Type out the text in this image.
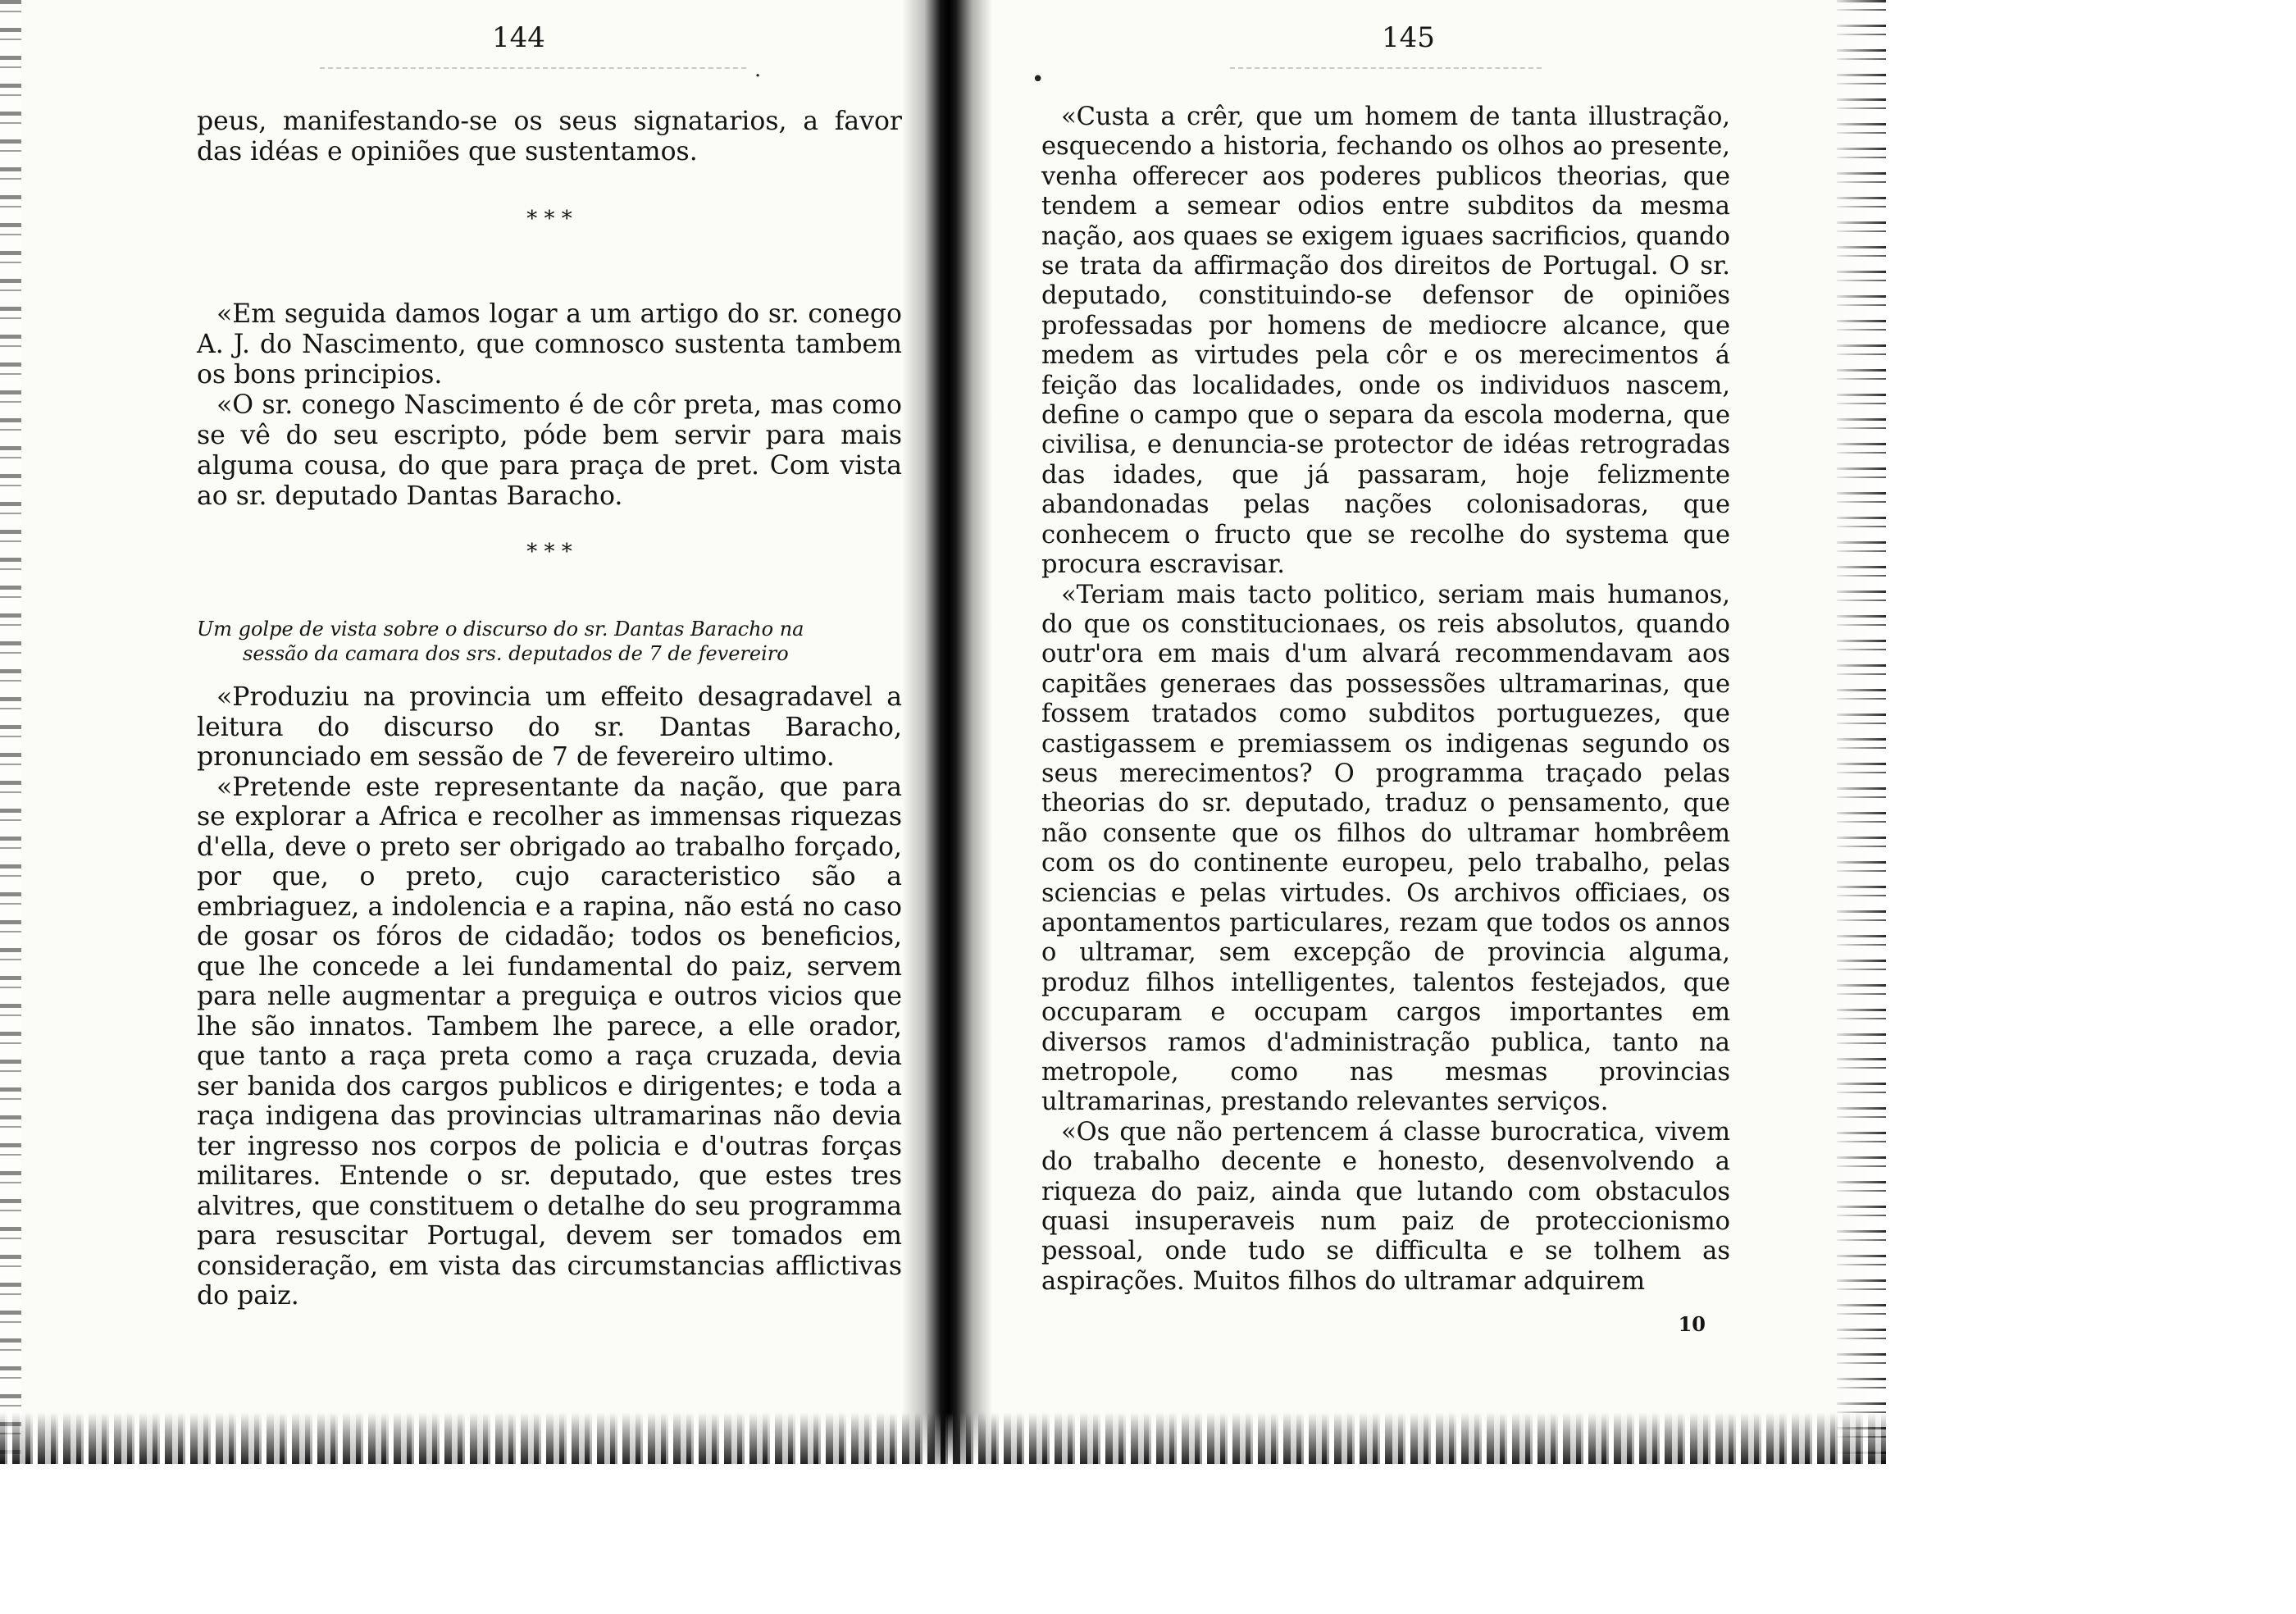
144
·

peus, manifestando-se os seus signatarios, a favor das idéas e opiniões que sustentamos.

* * *

«Em seguida damos logar a um artigo do sr. conego A. J. do Nascimento, que comnosco sustenta tambem os bons principios.

«O sr. conego Nascimento é de côr preta, mas como se vê do seu escripto, póde bem servir para mais alguma cousa, do que para praça de pret. Com vista ao sr. deputado Dantas Baracho.

* * *
Um golpe de vista sobre o discurso do sr. Dantas Baracho na
sessão da camara dos srs. deputados de 7 de fevereiro

«Produziu na provincia um effeito desagradavel a leitura do discurso do sr. Dantas Baracho, pronunciado em sessão de 7 de fevereiro ultimo.

«Pretende este representante da nação, que para se explorar a Africa e recolher as immensas riquezas d'ella, deve o preto ser obrigado ao trabalho forçado, por que, o preto, cujo caracteristico são a embriaguez, a indolencia e a rapina, não está no caso de gosar os fóros de cidadão; todos os beneficios, que lhe concede a lei fundamental do paiz, servem para nelle augmentar a preguiça e outros vicios que lhe são innatos. Tambem lhe parece, a elle orador, que tanto a raça preta como a raça cruzada, devia ser banida dos cargos publicos e dirigentes; e toda a raça indigena das provincias ultramarinas não devia ter ingresso nos corpos de policia e d'outras forças militares. Entende o sr. deputado, que estes tres alvitres, que constituem o detalhe do seu programma para resuscitar Portugal, devem ser tomados em consideração, em vista das circumstancias afflictivas do paiz.

145
•

«Custa a crêr, que um homem de tanta illustração, esquecendo a historia, fechando os olhos ao presente, venha offerecer aos poderes publicos theorias, que tendem a semear odios entre subditos da mesma nação, aos quaes se exigem iguaes sacrificios, quando se trata da affirmação dos direitos de Portugal. O sr. deputado, constituindo-se defensor de opiniões professadas por homens de mediocre alcance, que medem as virtudes pela côr e os merecimentos á feição das localidades, onde os individuos nascem, define o campo que o separa da escola moderna, que civilisa, e denuncia-se protector de idéas retrogradas das idades, que já passaram, hoje felizmente abandonadas pelas nações colonisadoras, que conhecem o fructo que se recolhe do systema que procura escravisar.

«Teriam mais tacto politico, seriam mais humanos, do que os constitucionaes, os reis absolutos, quando outr'ora em mais d'um alvará recommendavam aos capitães generaes das possessões ultramarinas, que fossem tratados como subditos portuguezes, que castigassem e premiassem os indigenas segundo os seus merecimentos? O programma traçado pelas theorias do sr. deputado, traduz o pensamento, que não consente que os filhos do ultramar hombrêem com os do continente europeu, pelo trabalho, pelas sciencias e pelas virtudes. Os archivos officiaes, os apontamentos particulares, rezam que todos os annos o ultramar, sem excepção de provincia alguma, produz filhos intelligentes, talentos festejados, que occuparam e occupam cargos importantes em diversos ramos d'administração publica, tanto na metropole, como nas mesmas provincias ultramarinas, prestando relevantes serviços.

«Os que não pertencem á classe burocratica, vivem do trabalho decente e honesto, desenvolvendo a riqueza do paiz, ainda que lutando com obstaculos quasi insuperaveis num paiz de proteccionismo pessoal, onde tudo se difficulta e se tolhem as aspirações. Muitos filhos do ultramar adquirem

10
